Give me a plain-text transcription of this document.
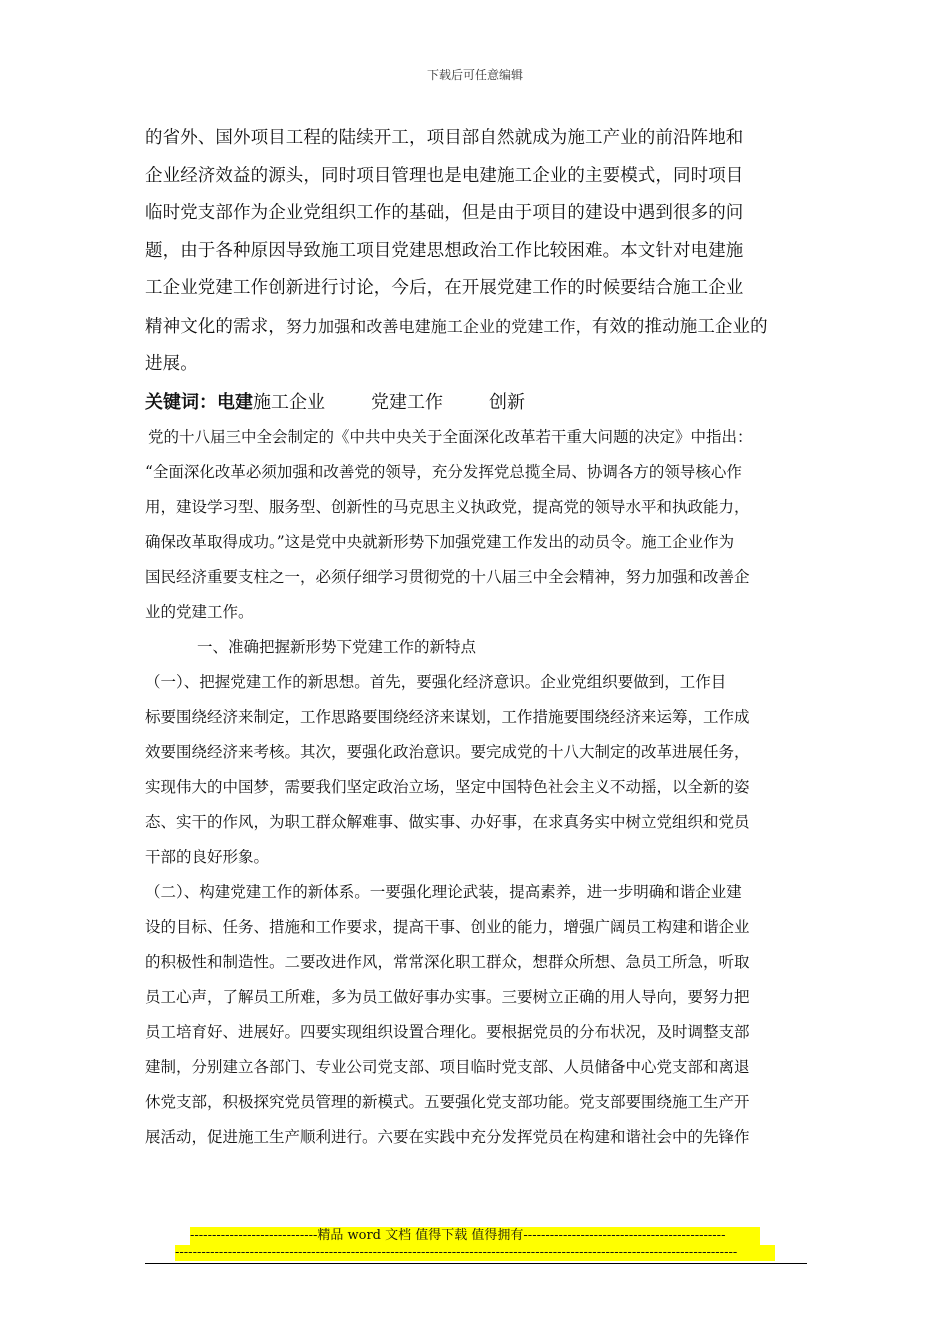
下载后可任意编辑

的省外、国外项目工程的陆续开工，项目部自然就成为施工产业的前沿阵地和

企业经济效益的源头，同时项目管理也是电建施工企业的主要模式，同时项目

临时党支部作为企业党组织工作的基础，但是由于项目的建设中遇到很多的问

题，由于各种原因导致施工项目党建思想政治工作比较困难。本文针对电建施

工企业党建工作创新进行讨论，今后，在开展党建工作的时候要结合施工企业

精神文化的需求，努力加强和改善电建施工企业的党建工作，有效的推动施工企业的

进展。

关键词：电建施工企业	党建工作	创新

党的十八届三中全会制定的《中共中央关于全面深化改革若干重大问题的决定》中指出：

“全面深化改革必须加强和改善党的领导，充分发挥党总揽全局、协调各方的领导核心作

用，建设学习型、服务型、创新性的马克思主义执政党，提高党的领导水平和执政能力，

确保改革取得成功。”这是党中央就新形势下加强党建工作发出的动员令。施工企业作为

国民经济重要支柱之一，必须仔细学习贯彻党的十八届三中全会精神，努力加强和改善企

业的党建工作。

一、准确把握新形势下党建工作的新特点

（一）、把握党建工作的新思想。首先，要强化经济意识。企业党组织要做到，工作目

标要围绕经济来制定，工作思路要围绕经济来谋划，工作措施要围绕经济来运筹，工作成

效要围绕经济来考核。其次，要强化政治意识。要完成党的十八大制定的改革进展任务，

实现伟大的中国梦，需要我们坚定政治立场，坚定中国特色社会主义不动摇，以全新的姿

态、实干的作风，为职工群众解难事、做实事、办好事，在求真务实中树立党组织和党员

干部的良好形象。

（二）、构建党建工作的新体系。一要强化理论武装，提高素养，进一步明确和谐企业建

设的目标、任务、措施和工作要求，提高干事、创业的能力，增强广阔员工构建和谐企业

的积极性和制造性。二要改进作风，常常深化职工群众，想群众所想、急员工所急，听取

员工心声，了解员工所难，多为员工做好事办实事。三要树立正确的用人导向，要努力把

员工培育好、进展好。四要实现组织设置合理化。要根据党员的分布状况，及时调整支部

建制，分别建立各部门、专业公司党支部、项目临时党支部、人员储备中心党支部和离退

休党支部，积极探究党员管理的新模式。五要强化党支部功能。党支部要围绕施工生产开

展活动，促进施工生产顺利进行。六要在实践中充分发挥党员在构建和谐社会中的先锋作

-----------------------------精品 word 文档 值得下载 值得拥有----------------------------------------------
--------------------------------------------------------------------------------------------------------------------------------
